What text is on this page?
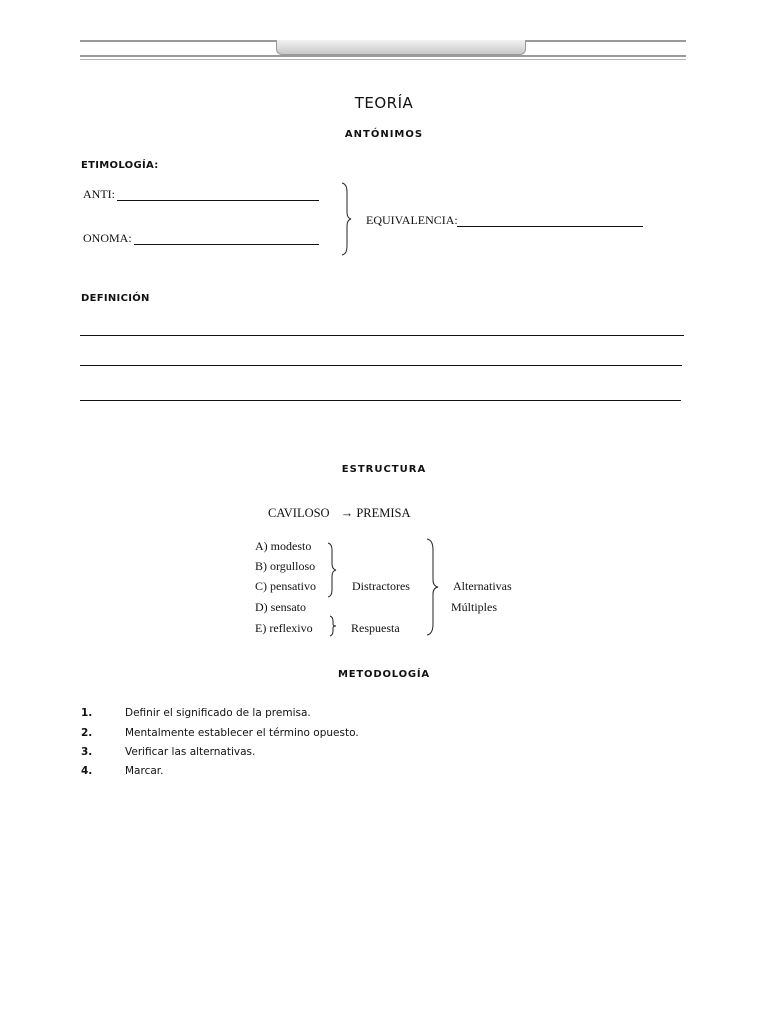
TEORÍA
ANTÓNIMOS
ETIMOLOGÍA:
ANTI:
ONOMA:
EQUIVALENCIA:
DEFINICIÓN
ESTRUCTURA
CAVILOSO → PREMISA
A) modesto
B) orgulloso
C) pensativo
D) sensato
E) reflexivo
Distractores
Respuesta
Alternativas
Múltiples
METODOLOGÍA
1.	Definir el significado de la premisa.
2.	Mentalmente establecer el término opuesto.
3.	Verificar las alternativas.
4.	Marcar.
